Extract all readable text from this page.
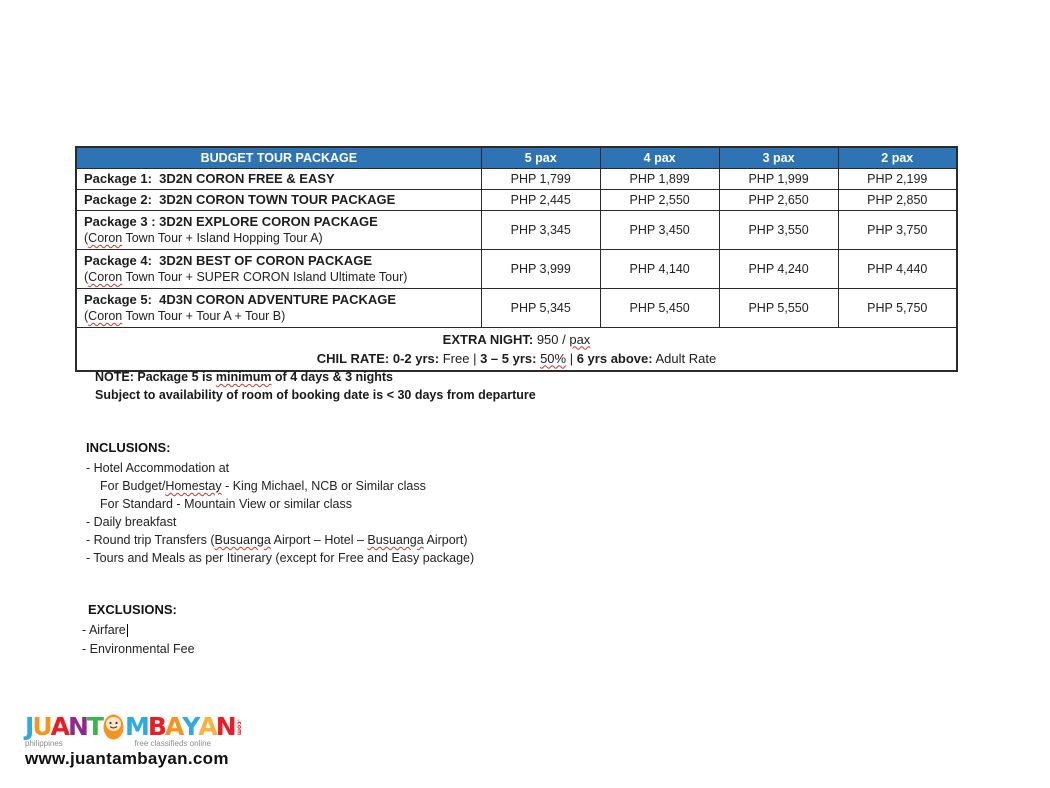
BUDGET TOUR PACKAGE	5 pax	4 pax	3 pax	2 pax

Package 1:  3D2N CORON FREE & EASY	PHP 1,799	PHP 1,899	PHP 1,999	PHP 2,199

Package 2:  3D2N CORON TOWN TOUR PACKAGE	PHP 2,445	PHP 2,550	PHP 2,650	PHP 2,850

Package 3 : 3D2N EXPLORE CORON PACKAGE
(Coron Town Tour + Island Hopping Tour A)	PHP 3,345	PHP 3,450	PHP 3,550	PHP 3,750

Package 4:  3D2N BEST OF CORON PACKAGE
(Coron Town Tour + SUPER CORON Island Ultimate Tour)	PHP 3,999	PHP 4,140	PHP 4,240	PHP 4,440

Package 5:  4D3N CORON ADVENTURE PACKAGE
(Coron Town Tour + Tour A + Tour B)	PHP 5,345	PHP 5,450	PHP 5,550	PHP 5,750

EXTRA NIGHT: 950 / pax
CHIL RATE: 0-2 yrs: Free | 3 – 5 yrs: 50% | 6 yrs above: Adult Rate				
NOTE: Package 5 is minimum of 4 days & 3 nights
Subject to availability of room of booking date is < 30 days from departure
INCLUSIONS:
- Hotel Accommodation at
For Budget/Homestay - King Michael, NCB or Similar class
For Standard - Mountain View or similar class
- Daily breakfast
- Round trip Transfers (Busuanga Airport – Hotel – Busuanga Airport)
- Tours and Meals as per Itinerary (except for Free and Easy package)
EXCLUSIONS:
- Airfare
- Environmental Fee
J U A N T M B A Y A N .com
philippines	free classifieds online
www.juantambayan.com
